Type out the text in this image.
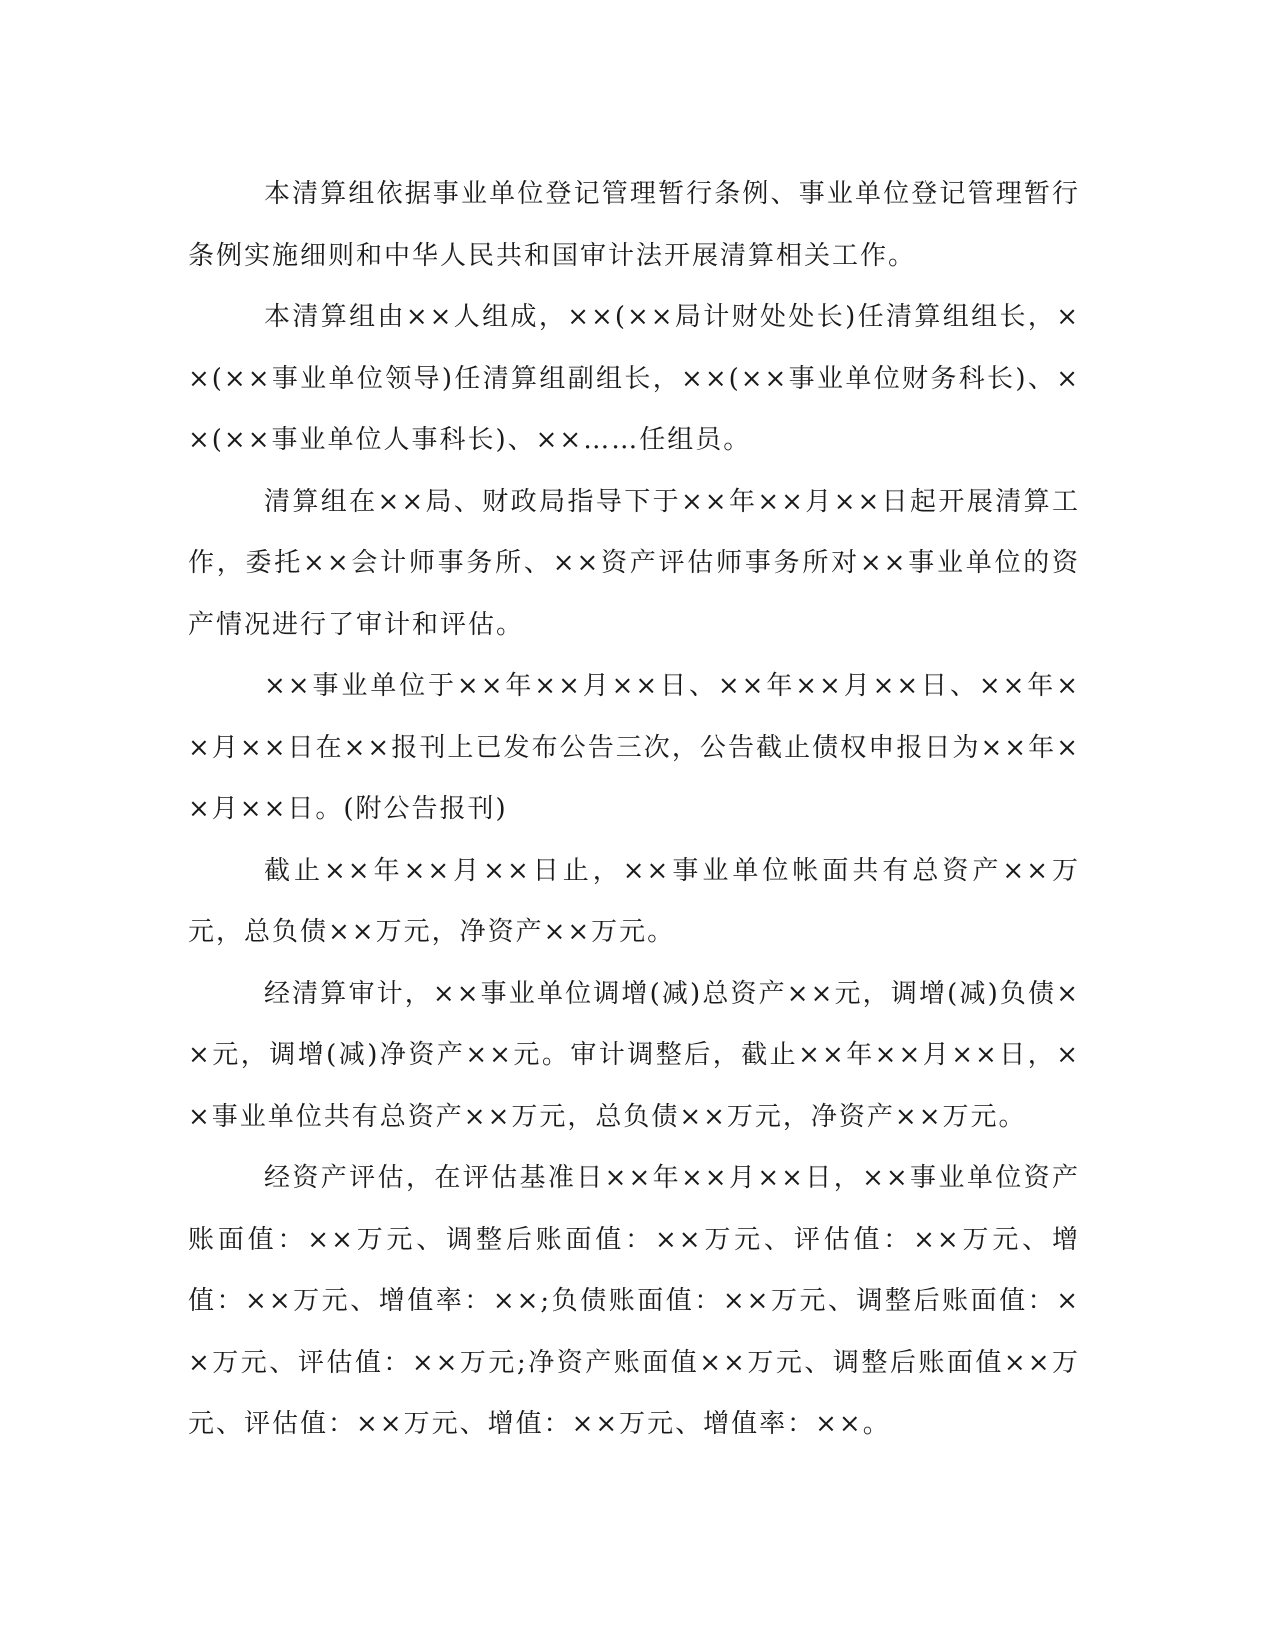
本清算组依据事业单位登记管理暂行条例、事业单位登记管理暂行条例实施细则和中华人民共和国审计法开展清算相关工作。

本清算组由××人组成，××(××局计财处处长)任清算组组长，××(××事业单位领导)任清算组副组长，××(××事业单位财务科长)、××(××事业单位人事科长)、××……任组员。

清算组在××局、财政局指导下于××年××月××日起开展清算工作，委托××会计师事务所、××资产评估师事务所对××事业单位的资产情况进行了审计和评估。

××事业单位于××年××月××日、××年××月××日、××年××月××日在××报刊上已发布公告三次，公告截止债权申报日为××年××月××日。(附公告报刊)

截止××年××月××日止，××事业单位帐面共有总资产××万元，总负债××万元，净资产××万元。

经清算审计，××事业单位调增(减)总资产××元，调增(减)负债××元，调增(减)净资产××元。审计调整后，截止××年××月××日，××事业单位共有总资产××万元，总负债××万元，净资产××万元。

经资产评估，在评估基准日××年××月××日，××事业单位资产账面值：××万元、调整后账面值：××万元、评估值：××万元、增值：××万元、增值率：××;负债账面值：××万元、调整后账面值：××万元、评估值：××万元;净资产账面值××万元、调整后账面值××万元、评估值：××万元、增值：××万元、增值率：××。
